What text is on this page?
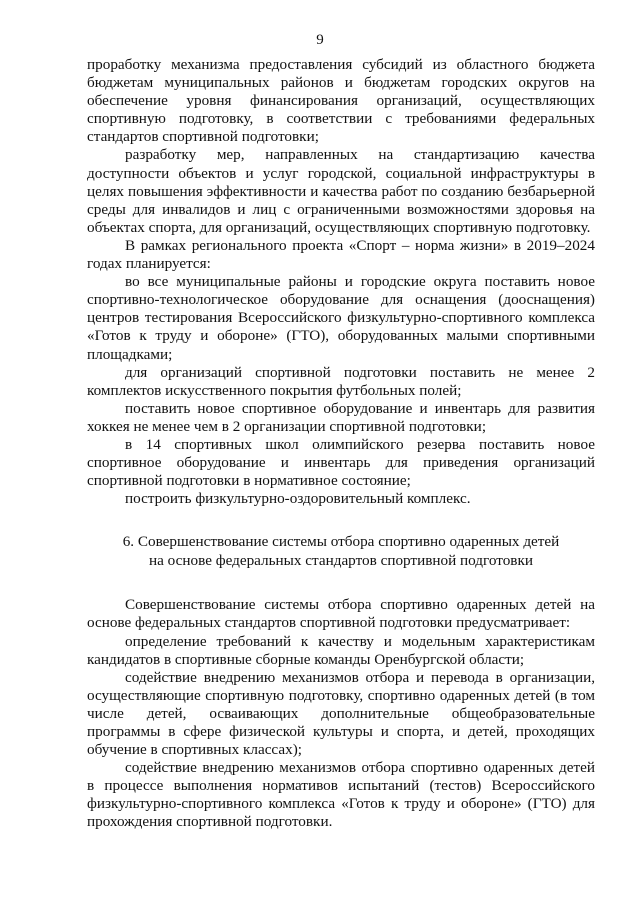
9

проработку механизма предоставления субсидий из областного бюджета бюджетам муниципальных районов и бюджетам городских округов на обеспечение уровня финансирования организаций, осуществляющих спортивную подготовку, в соответствии с требованиями федеральных стандартов спортивной подготовки;

разработку мер, направленных на стандартизацию качества доступности объектов и услуг городской, социальной инфраструктуры в целях повышения эффективности и качества работ по созданию безбарьерной среды для инвалидов и лиц с ограниченными возможностями здоровья на объектах спорта, для организаций, осуществляющих спортивную подготовку.

В рамках регионального проекта «Спорт – норма жизни» в 2019–2024 годах планируется:

во все муниципальные районы и городские округа поставить новое спортивно-технологическое оборудование для оснащения (дооснащения) центров тестирования Всероссийского физкультурно-спортивного комплекса «Готов к труду и обороне» (ГТО), оборудованных малыми спортивными площадками;

для организаций спортивной подготовки поставить не менее 2 комплектов искусственного покрытия футбольных полей;

поставить новое спортивное оборудование и инвентарь для развития хоккея не менее чем в 2 организации спортивной подготовки;

в 14 спортивных школ олимпийского резерва поставить новое спортивное оборудование и инвентарь для приведения организаций спортивной подготовки в нормативное состояние;

построить физкультурно-оздоровительный комплекс.

6. Совершенствование системы отбора спортивно одаренных детей
на основе федеральных стандартов спортивной подготовки

Совершенствование системы отбора спортивно одаренных детей на основе федеральных стандартов спортивной подготовки предусматривает:

определение требований к качеству и модельным характеристикам кандидатов в спортивные сборные команды Оренбургской области;

содействие внедрению механизмов отбора и перевода в организации, осуществляющие спортивную подготовку, спортивно одаренных детей (в том числе детей, осваивающих дополнительные общеобразовательные программы в сфере физической культуры и спорта, и детей, проходящих обучение в спортивных классах);

содействие внедрению механизмов отбора спортивно одаренных детей в процессе выполнения нормативов испытаний (тестов) Всероссийского физкультурно-спортивного комплекса «Готов к труду и обороне» (ГТО) для прохождения спортивной подготовки.
